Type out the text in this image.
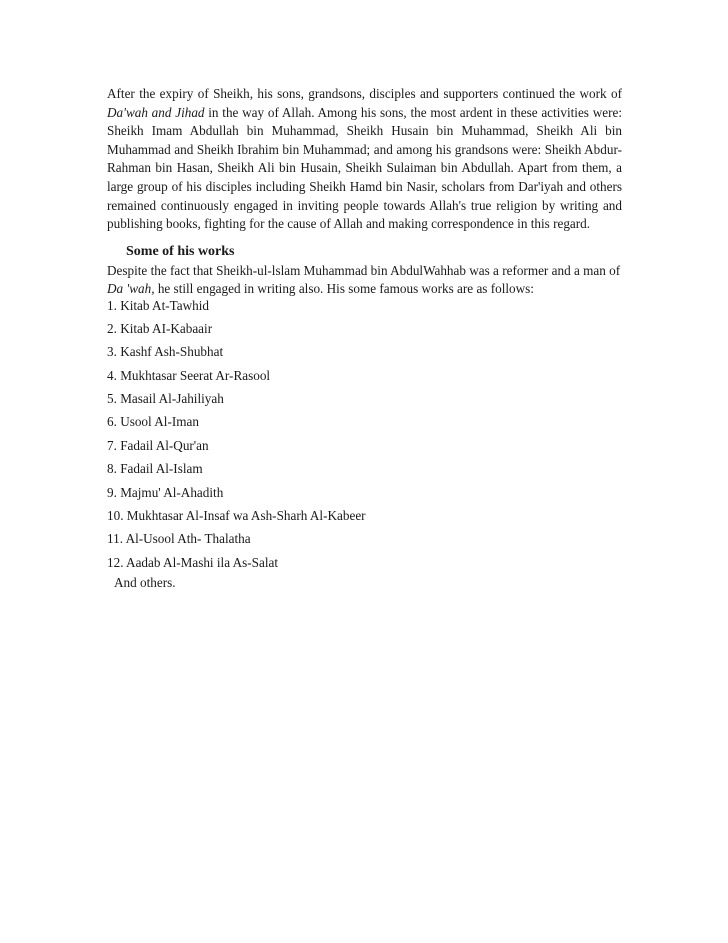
After the expiry of Sheikh, his sons, grandsons, disciples and supporters continued the work of Da'wah and Jihad in the way of Allah. Among his sons, the most ardent in these activities were: Sheikh Imam Abdullah bin Muhammad, Sheikh Husain bin Muhammad, Sheikh Ali bin Muhammad and Sheikh Ibrahim bin Muhammad; and among his grandsons were: Sheikh Abdur-Rahman bin Hasan, Sheikh Ali bin Husain, Sheikh Sulaiman bin Abdullah. Apart from them, a large group of his disciples including Sheikh Hamd bin Nasir, scholars from Dar'iyah and others remained continuously engaged in inviting people towards Allah's true religion by writing and publishing books, fighting for the cause of Allah and making correspondence in this regard.

Some of his works

Despite the fact that Sheikh-ul-lslam Muhammad bin AbdulWahhab was a reformer and a man of Da 'wah, he still engaged in writing also. His some famous works are as follows:

1. Kitab At-Tawhid
2. Kitab AI-Kabaair
3. Kashf Ash-Shubhat
4. Mukhtasar Seerat Ar-Rasool
5. Masail Al-Jahiliyah
6. Usool Al-Iman
7. Fadail Al-Qur'an
8. Fadail Al-Islam
9. Majmu' Al-Ahadith
10. Mukhtasar Al-Insaf wa Ash-Sharh Al-Kabeer
11. Al-Usool Ath- Thalatha
12. Aadab Al-Mashi ila As-Salat

And others.
